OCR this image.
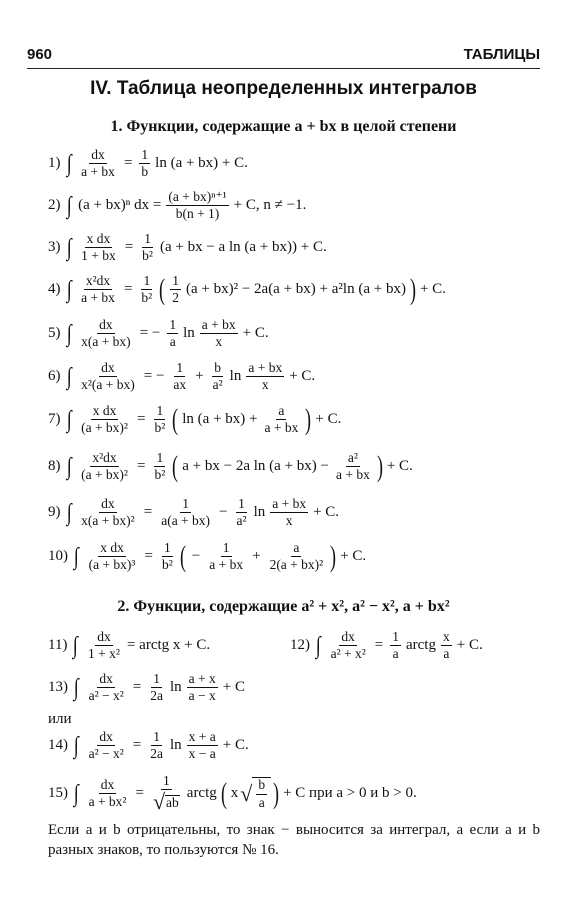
960	ТАБЛИЦЫ
IV. Таблица неопределенных интегралов
1. Функции, содержащие a + bx в целой степени
1) ∫ $\frac{dx}{a + bx} = \frac{1}{b}$ ln (a + bx) + C.
2) ∫ (a + bx)ⁿ dx = $\frac{\text{(a + bx)ⁿ⁺¹}}{b(n + 1)} + C$, n ≠ −1.
3) ∫ $\frac{\text{x dx}}{1 + bx} = \frac{1}{\text{b²}} (a$ + bx − a ln (a + bx)) + C.
4) ∫ $\frac{\text{x²dx}}{a + bx} = \frac{1}{\text{b²}}$ ( 1
2
(a + bx)² − 2a(a + bx) + a²ln (a + bx) ) + C.
5) ∫ $\frac{dx}{x(a + bx)}$ = − $\frac{1}{a}$ ln
a + bx
x
+ C.
6) ∫ $\frac{dx}{\text{x²(a + bx)}}$ = − $\frac{1}{ax} + \frac{b}{\text{a²}}$ ln
a + bx
x
+ C.
7) ∫ $\frac{\text{x dx}}{\text{(a + bx)²}} = \frac{1}{\text{b²}}$ ( $\ln (a + bx) + \frac{a}{a + bx}$ ) + C.
8) ∫ $\frac{\text{x²dx}}{\text{(a + bx)²}} = \frac{1}{\text{b²}}$ ( a + bx − 2a $\ln (a + bx) - \frac{\text{a²}}{a + bx}$ ) + C.
9) ∫ $\frac{dx}{\text{x(a + bx)²}} = \frac{1}{a(a + bx)} - \frac{1}{\text{a²}}$ ln
a + bx
x
+ C.
10) ∫ $\frac{\text{x dx}}{\text{(a + bx)³}} = \frac{1}{\text{b²}}$ ( − $\frac{1}{a + bx} + \frac{a}{\text{2(a + bx)²}}$ ) + C.
2. Функции, содержащие a² + x², a² − x², a + bx²
11) ∫ $\frac{dx}{\text{1 + x²}}$ = arctg x + C.	12) ∫ $\frac{dx}{\text{a² + x²}} = \frac{1}{a}$ arctg
x
a
+ C.
13) ∫ $\frac{dx}{\text{a² − x²}} = \frac{1}{2a}$ ln
a + x
a − x
+ C
или
14) ∫ $\frac{dx}{\text{a² − x²}} = \frac{1}{2a}$ ln
x + a
x − a
+ C.
15) ∫ $\frac{dx}{\text{a + bx²}} = \frac{1}{√ ab}$ arctg ( x √ $\frac{b}{a}$ ) + C при a > 0 и b > 0.
Если a и b отрицательны, то знак − выносится за интеграл, а если a и b разных знаков, то пользуются № 16.
